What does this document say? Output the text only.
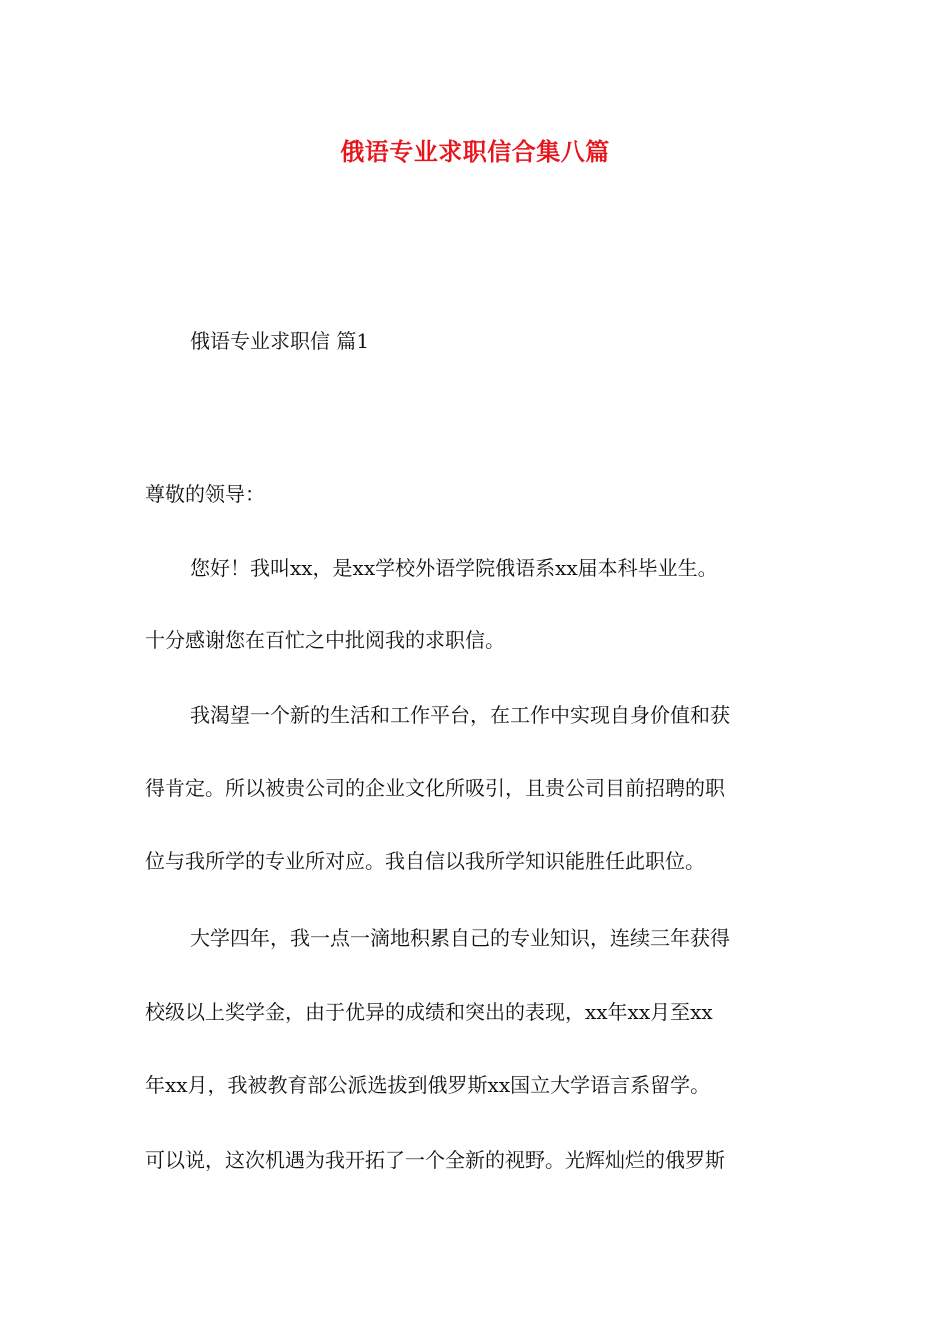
俄语专业求职信合集八篇
俄语专业求职信 篇1

尊敬的领导：

您好！我叫xx，是xx学校外语学院俄语系xx届本科毕业生。

十分感谢您在百忙之中批阅我的求职信。

我渴望一个新的生活和工作平台，在工作中实现自身价值和获

得肯定。所以被贵公司的企业文化所吸引，且贵公司目前招聘的职

位与我所学的专业所对应。我自信以我所学知识能胜任此职位。

大学四年，我一点一滴地积累自己的专业知识，连续三年获得

校级以上奖学金，由于优异的成绩和突出的表现，xx年xx月至xx

年xx月，我被教育部公派选拔到俄罗斯xx国立大学语言系留学。

可以说，这次机遇为我开拓了一个全新的视野。光辉灿烂的俄罗斯
